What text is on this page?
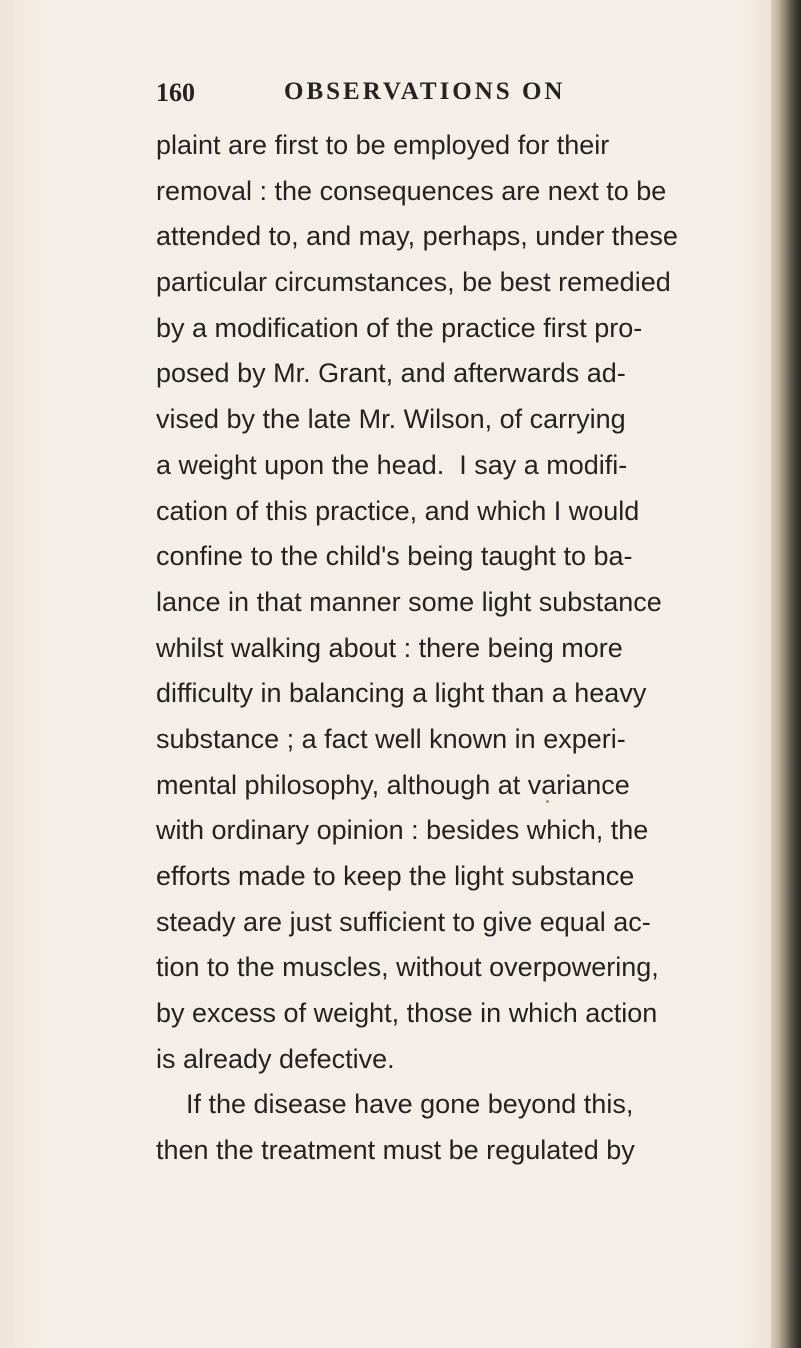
160	OBSERVATIONS ON
plaint are first to be employed for their
removal : the consequences are next to be
attended to, and may, perhaps, under these
particular circumstances, be best remedied
by a modification of the practice first pro-
posed by Mr. Grant, and afterwards ad-
vised by the late Mr. Wilson, of carrying
a weight upon the head.  I say a modifi-
cation of this practice, and which I would
confine to the child's being taught to ba-
lance in that manner some light substance
whilst walking about : there being more
difficulty in balancing a light than a heavy
substance ; a fact well known in experi-
mental philosophy, although at variance
with ordinary opinion : besides which, the
efforts made to keep the light substance
steady are just sufficient to give equal ac-
tion to the muscles, without overpowering,
by excess of weight, those in which action
is already defective.
If the disease have gone beyond this,
then the treatment must be regulated by
